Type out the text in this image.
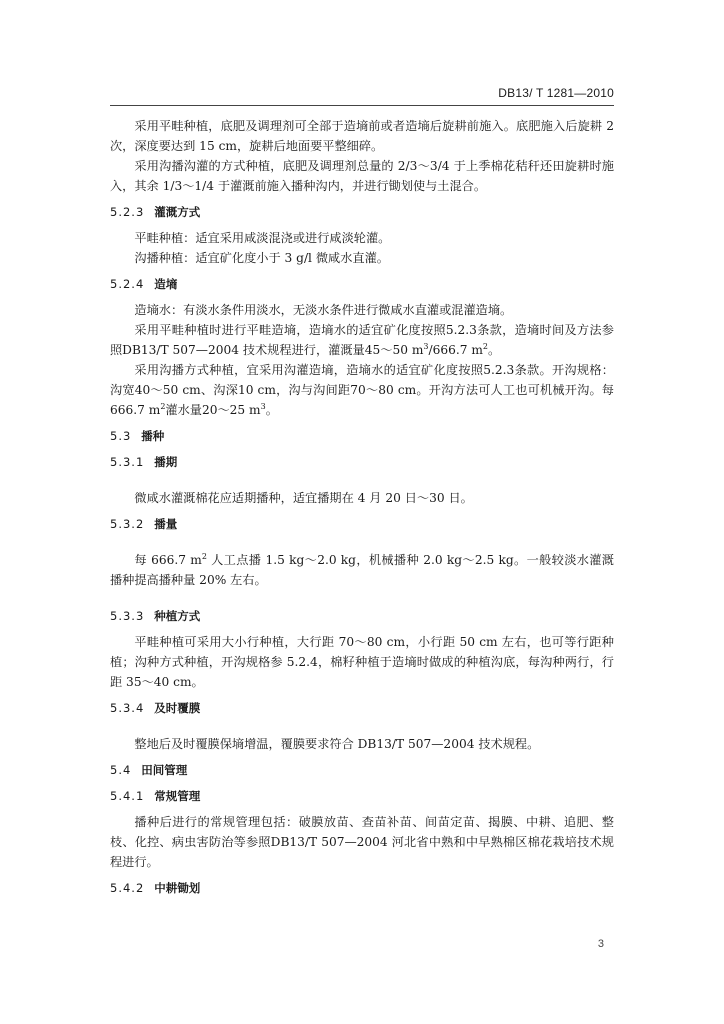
DB13/ T 1281—2010

采用平畦种植，底肥及调理剂可全部于造墒前或者造墒后旋耕前施入。底肥施入后旋耕 2 次，深度要达到 15 cm，旋耕后地面要平整细碎。

采用沟播沟灌的方式种植，底肥及调理剂总量的 2/3～3/4 于上季棉花秸秆还田旋耕时施入，其余 1/3～1/4 于灌溉前施入播种沟内，并进行锄划使与土混合。

5.2.3 灌溉方式

平畦种植：适宜采用咸淡混浇或进行咸淡轮灌。

沟播种植：适宜矿化度小于 3 g/l 微咸水直灌。

5.2.4 造墒

造墒水：有淡水条件用淡水，无淡水条件进行微咸水直灌或混灌造墒。

采用平畦种植时进行平畦造墒，造墒水的适宜矿化度按照5.2.3条款，造墒时间及方法参照DB13/T 507—2004 技术规程进行，灌溉量45～50 $m^3/666.7$ $m^2$。

采用沟播方式种植，宜采用沟灌造墒，造墒水的适宜矿化度按照5.2.3条款。开沟规格：沟宽40～50 cm、沟深10 cm，沟与沟间距70～80 cm。开沟方法可人工也可机械开沟。每666.7 $m^2$灌水量20～25 $m^3$。

5.3 播种
5.3.1 播期

微咸水灌溉棉花应适期播种，适宜播期在 4 月 20 日～30 日。

5.3.2 播量

每 666.7 $m^2$ 人工点播 1.5 kg～2.0 kg，机械播种 2.0 kg～2.5 kg。一般较淡水灌溉播种提高播种量 20% 左右。

5.3.3 种植方式

平畦种植可采用大小行种植，大行距 70～80 cm，小行距 50 cm 左右，也可等行距种植；沟种方式种植，开沟规格参 5.2.4，棉籽种植于造墒时做成的种植沟底，每沟种两行，行距 35～40 cm。

5.3.4 及时覆膜

整地后及时覆膜保墒增温，覆膜要求符合 DB13/T 507—2004 技术规程。

5.4 田间管理
5.4.1 常规管理

播种后进行的常规管理包括：破膜放苗、查苗补苗、间苗定苗、揭膜、中耕、追肥、整枝、化控、病虫害防治等参照DB13/T 507—2004 河北省中熟和中早熟棉区棉花栽培技术规程进行。

5.4.2 中耕锄划
3
